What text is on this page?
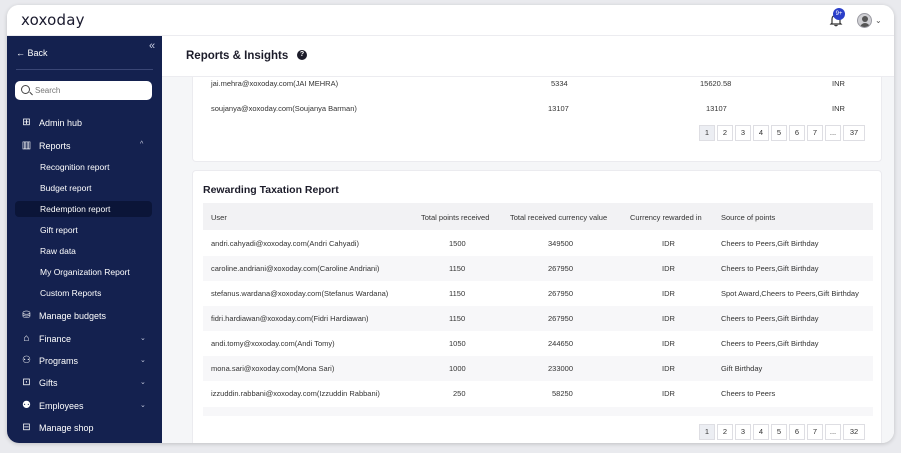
xoxoday	9+
⌄
«
← Back
Search
⊞ Admin hub
▥ Reports	^
Recognition report
Budget report
Redemption report
Gift report
Raw data
My Organization Report
Custom Reports
⛁ Manage budgets
⌂ Finance	⌄
⚇ Programs	⌄
⊡ Gifts	⌄
⚉ Employees	⌄
⊟ Manage shop
jai.mehra@xoxoday.com(JAI MEHRA)	5334	15620.58	INR
soujanya@xoxoday.com(Soujanya Barman)	13107	13107	INR
1	2	3	4	5	6	7	...	37
Reports & Insights	?
Rewarding Taxation Report
User	Total points received	Total received currency value	Currency rewarded in	Source of points
andri.cahyadi@xoxoday.com(Andri Cahyadi)	1500	349500	IDR	Cheers to Peers,Gift Birthday
caroline.andriani@xoxoday.com(Caroline Andriani)	1150	267950	IDR	Cheers to Peers,Gift Birthday
stefanus.wardana@xoxoday.com(Stefanus Wardana)	1150	267950	IDR	Spot Award,Cheers to Peers,Gift Birthday
fidri.hardiawan@xoxoday.com(Fidri Hardiawan)	1150	267950	IDR	Cheers to Peers,Gift Birthday
andi.tomy@xoxoday.com(Andi Tomy)	1050	244650	IDR	Cheers to Peers,Gift Birthday
mona.sari@xoxoday.com(Mona Sari)	1000	233000	IDR	Gift Birthday
izzuddin.rabbani@xoxoday.com(Izzuddin Rabbani)	250	58250	IDR	Cheers to Peers
1	2	3	4	5	6	7	...	32
